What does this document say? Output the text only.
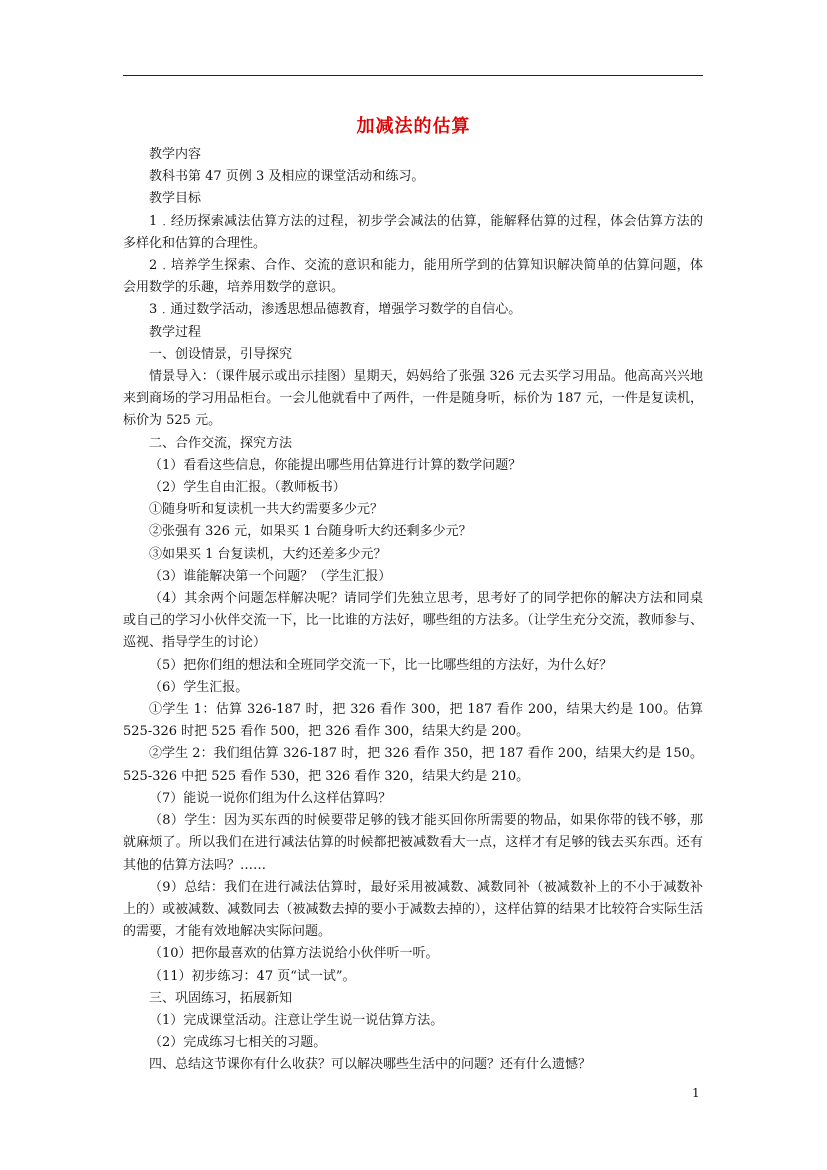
加减法的估算

教学内容

教科书第 47 页例 3 及相应的课堂活动和练习。

教学目标

1﹒经历探索减法估算方法的过程，初步学会减法的估算，能解释估算的过程，体会估算方法的多样化和估算的合理性。

2﹒培养学生探索、合作、交流的意识和能力，能用所学到的估算知识解决简单的估算问题，体会用数学的乐趣，培养用数学的意识。

3﹒通过数学活动，渗透思想品德教育，增强学习数学的自信心。

教学过程

一、创设情景，引导探究

情景导入：（课件展示或出示挂图）星期天，妈妈给了张强 326 元去买学习用品。他高高兴兴地来到商场的学习用品柜台。一会儿他就看中了两件，一件是随身听，标价为 187 元，一件是复读机，标价为 525 元。

二、合作交流，探究方法

（1）看看这些信息，你能提出哪些用估算进行计算的数学问题？

（2）学生自由汇报。（教师板书）

①随身听和复读机一共大约需要多少元？

②张强有 326 元，如果买 1 台随身听大约还剩多少元？

③如果买 1 台复读机，大约还差多少元？

（3）谁能解决第一个问题？（学生汇报）

（4）其余两个问题怎样解决呢？请同学们先独立思考，思考好了的同学把你的解决方法和同桌或自己的学习小伙伴交流一下，比一比谁的方法好，哪些组的方法多。（让学生充分交流，教师参与、巡视、指导学生的讨论）

（5）把你们组的想法和全班同学交流一下，比一比哪些组的方法好，为什么好？

（6）学生汇报。

①学生 1：估算 326-187 时，把 326 看作 300，把 187 看作 200，结果大约是 100。估算 525-326 时把 525 看作 500，把 326 看作 300，结果大约是 200。

②学生 2：我们组估算 326-187 时，把 326 看作 350，把 187 看作 200，结果大约是 150。525-326 中把 525 看作 530，把 326 看作 320，结果大约是 210。

（7）能说一说你们组为什么这样估算吗？

（8）学生：因为买东西的时候要带足够的钱才能买回你所需要的物品，如果你带的钱不够，那就麻烦了。所以我们在进行减法估算的时候都把被减数看大一点，这样才有足够的钱去买东西。还有其他的估算方法吗？……

（9）总结：我们在进行减法估算时，最好采用被减数、减数同补（被减数补上的不小于减数补上的）或被减数、减数同去（被减数去掉的要小于减数去掉的），这样估算的结果才比较符合实际生活的需要，才能有效地解决实际问题。

（10）把你最喜欢的估算方法说给小伙伴听一听。

（11）初步练习：47 页“试一试”。

三、巩固练习，拓展新知

（1）完成课堂活动。注意让学生说一说估算方法。

（2）完成练习七相关的习题。

四、总结这节课你有什么收获？可以解决哪些生活中的问题？还有什么遗憾？

1
